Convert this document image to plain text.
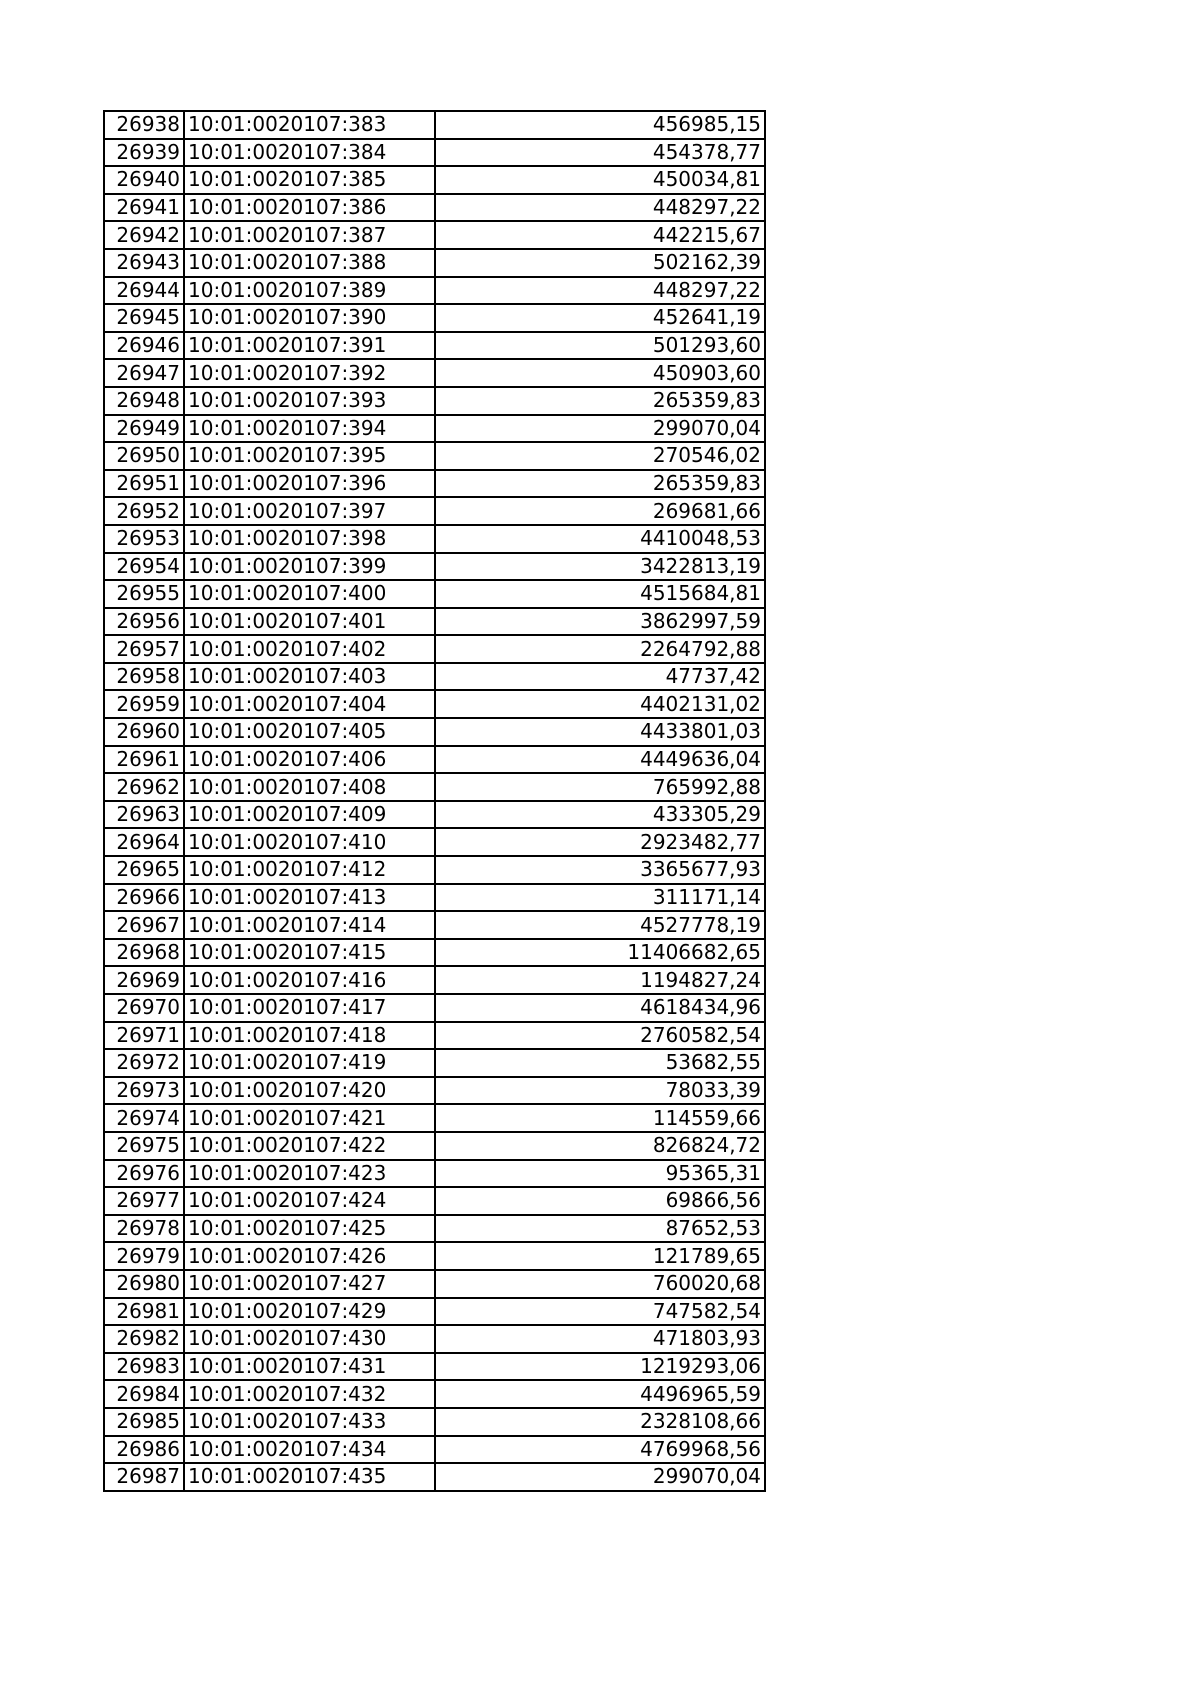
26938	10:01:0020107:383	456985,15
26939	10:01:0020107:384	454378,77
26940	10:01:0020107:385	450034,81
26941	10:01:0020107:386	448297,22
26942	10:01:0020107:387	442215,67
26943	10:01:0020107:388	502162,39
26944	10:01:0020107:389	448297,22
26945	10:01:0020107:390	452641,19
26946	10:01:0020107:391	501293,60
26947	10:01:0020107:392	450903,60
26948	10:01:0020107:393	265359,83
26949	10:01:0020107:394	299070,04
26950	10:01:0020107:395	270546,02
26951	10:01:0020107:396	265359,83
26952	10:01:0020107:397	269681,66
26953	10:01:0020107:398	4410048,53
26954	10:01:0020107:399	3422813,19
26955	10:01:0020107:400	4515684,81
26956	10:01:0020107:401	3862997,59
26957	10:01:0020107:402	2264792,88
26958	10:01:0020107:403	47737,42
26959	10:01:0020107:404	4402131,02
26960	10:01:0020107:405	4433801,03
26961	10:01:0020107:406	4449636,04
26962	10:01:0020107:408	765992,88
26963	10:01:0020107:409	433305,29
26964	10:01:0020107:410	2923482,77
26965	10:01:0020107:412	3365677,93
26966	10:01:0020107:413	311171,14
26967	10:01:0020107:414	4527778,19
26968	10:01:0020107:415	11406682,65
26969	10:01:0020107:416	1194827,24
26970	10:01:0020107:417	4618434,96
26971	10:01:0020107:418	2760582,54
26972	10:01:0020107:419	53682,55
26973	10:01:0020107:420	78033,39
26974	10:01:0020107:421	114559,66
26975	10:01:0020107:422	826824,72
26976	10:01:0020107:423	95365,31
26977	10:01:0020107:424	69866,56
26978	10:01:0020107:425	87652,53
26979	10:01:0020107:426	121789,65
26980	10:01:0020107:427	760020,68
26981	10:01:0020107:429	747582,54
26982	10:01:0020107:430	471803,93
26983	10:01:0020107:431	1219293,06
26984	10:01:0020107:432	4496965,59
26985	10:01:0020107:433	2328108,66
26986	10:01:0020107:434	4769968,56
26987	10:01:0020107:435	299070,04
